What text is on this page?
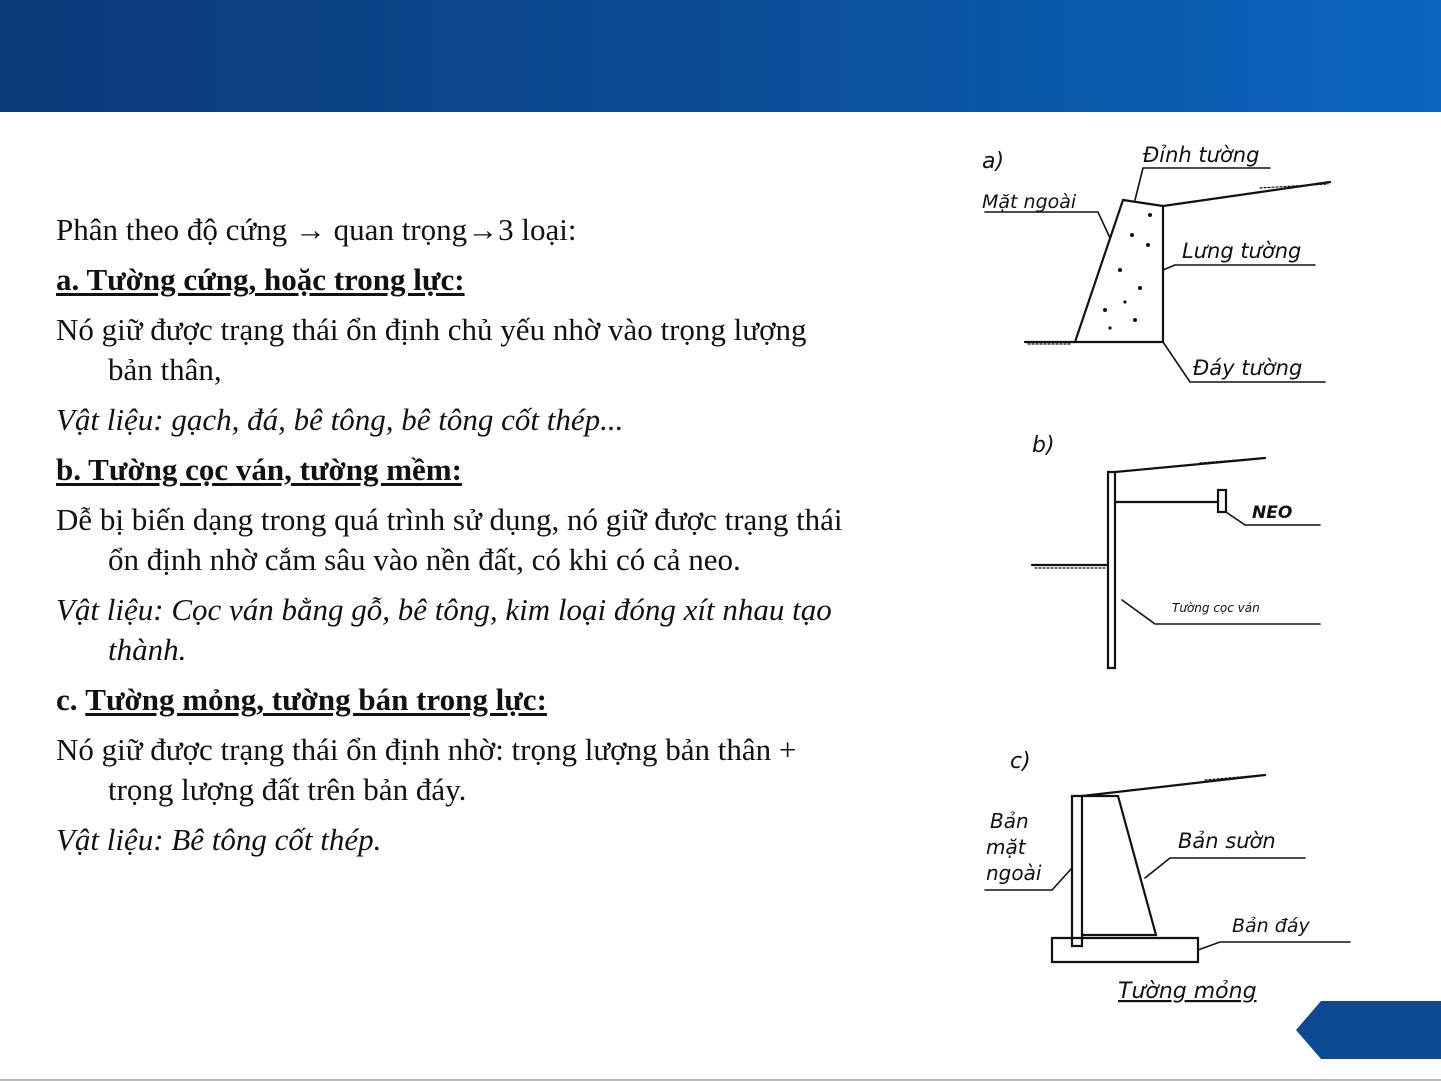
Phân theo độ cứng → quan trọng→3 loại:

a. Tường cứng, hoặc trong lực:

Nó giữ được trạng thái ổn định chủ yếu nhờ vào trọng lượng
bản thân,

Vật liệu: gạch, đá, bê tông, bê tông cốt thép...

b. Tường cọc ván, tường mềm:

Dễ bị biến dạng trong quá trình sử dụng, nó giữ được trạng thái
ổn định nhờ cắm sâu vào nền đất, có khi có cả neo.

Vật liệu: Cọc ván bằng gỗ, bê tông, kim loại đóng xít nhau tạo
thành.

c. Tường mỏng, tường bán trong lực:

Nó giữ được trạng thái ổn định nhờ: trọng lượng bản thân +
trọng lượng đất trên bản đáy.

Vật liệu: Bê tông cốt thép.

a)	Đỉnh tường
Mặt ngoài
Lưng tường
Đáy tường
b)
NEO
Tường cọc ván
c)
Bản
mặt
ngoài
Bản sườn
Bản đáy
Tường mỏng
